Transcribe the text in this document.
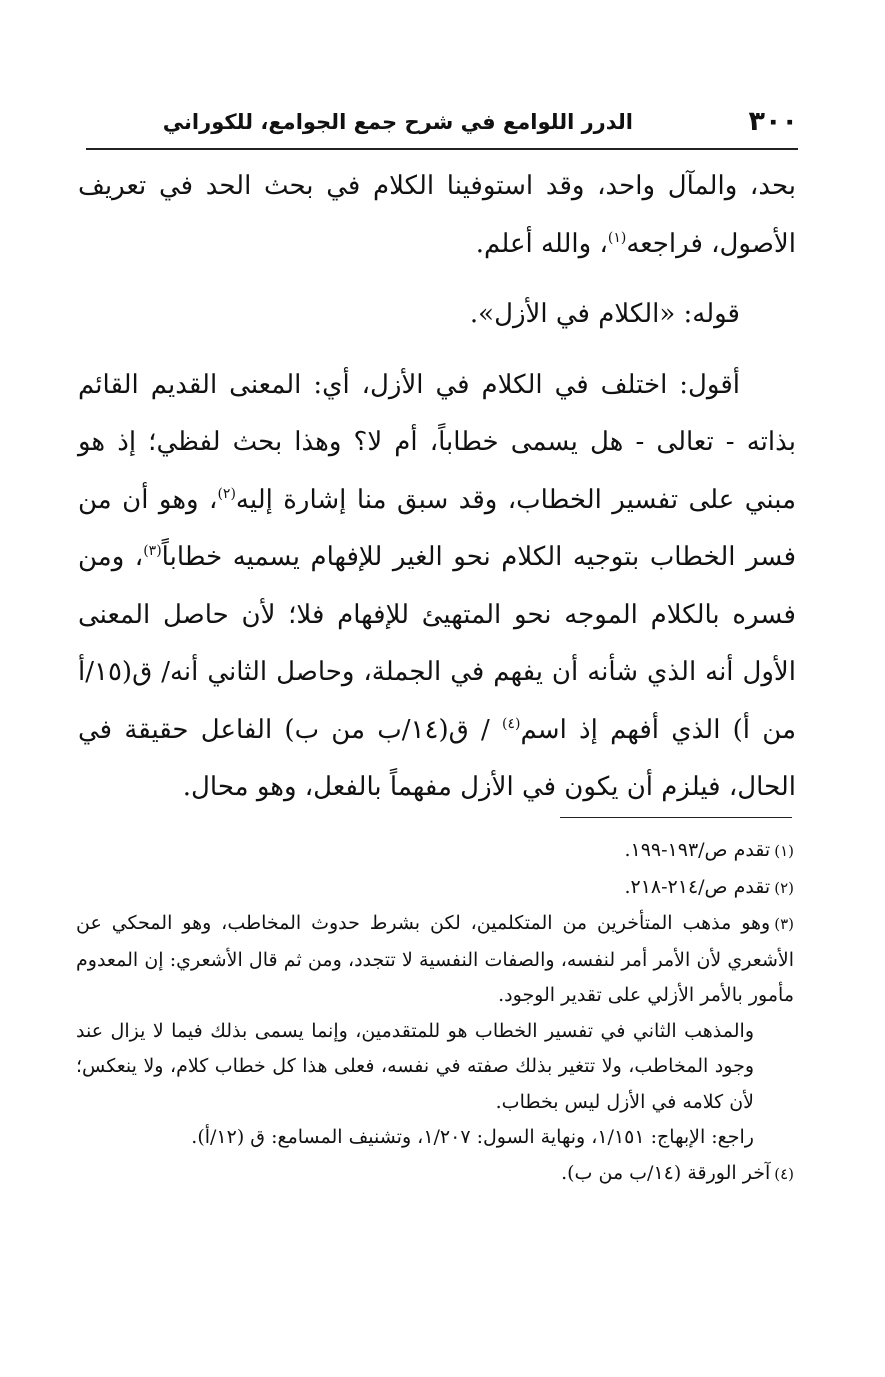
٣٠٠
الدرر اللوامع في شرح جمع الجوامع، للكوراني

بحد، والمآل واحد، وقد استوفينا الكلام في بحث الحد في تعريف الأصول، فراجعه$^{(١)}$، والله أعلم.

قوله: «الكلام في الأزل».

أقول: اختلف في الكلام في الأزل، أي: المعنى القديم القائم بذاته - تعالى - هل يسمى خطاباً، أم لا؟ وهذا بحث لفظي؛ إذ هو مبني على تفسير الخطاب، وقد سبق منا إشارة إليه$^{(٢)}$، وهو أن من فسر الخطاب بتوجيه الكلام نحو الغير للإفهام يسميه خطاباً$^{(٣)}$، ومن فسره بالكلام الموجه نحو المتهيئ للإفهام فلا؛ لأن حاصل المعنى الأول أنه الذي شأنه أن يفهم في الجملة، وحاصل الثاني أنه/ ق(١٥/أ من أ) الذي أفهم إذ اسم$^{(٤)}$ / ق(١٤/ب من ب) الفاعل حقيقة في الحال، فيلزم أن يكون في الأزل مفهماً بالفعل، وهو محال.

(١)تقدم ص/١٩٣-١٩٩.

(٢)تقدم ص/٢١٤-٢١٨.

(٣)وهو مذهب المتأخرين من المتكلمين، لكن بشرط حدوث المخاطب، وهو المحكي عن الأشعري لأن الأمر أمر لنفسه، والصفات النفسية لا تتجدد، ومن ثم قال الأشعري: إن المعدوم مأمور بالأمر الأزلي على تقدير الوجود.

والمذهب الثاني في تفسير الخطاب هو للمتقدمين، وإنما يسمى بذلك فيما لا يزال عند وجود المخاطب، ولا تتغير بذلك صفته في نفسه، فعلى هذا كل خطاب كلام، ولا ينعكس؛ لأن كلامه في الأزل ليس بخطاب.

راجع: الإبهاج: ١/١٥١، ونهاية السول: ١/٢٠٧، وتشنيف المسامع: ق (١٢/أ).

(٤)آخر الورقة (١٤/ب من ب).
